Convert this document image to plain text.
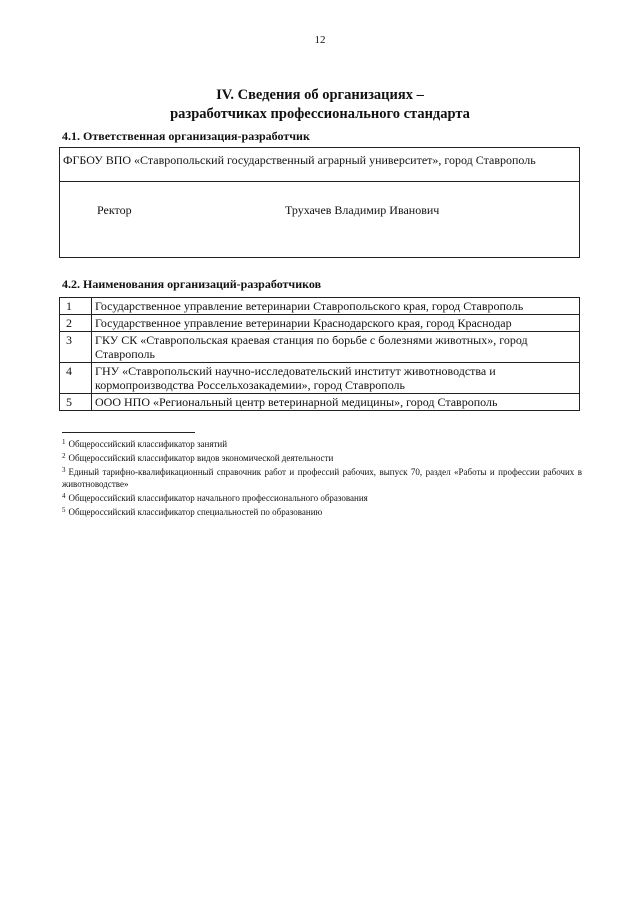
12
IV. Сведения об организациях –
разработчиках профессионального стандарта
4.1. Ответственная организация-разработчик
ФГБОУ ВПО «Ставропольский государственный аграрный университет», город Ставрополь
Ректор	Трухачев Владимир Иванович
4.2. Наименования организаций-разработчиков
1	Государственное управление ветеринарии Ставропольского края, город Ставрополь
2	Государственное управление ветеринарии Краснодарского края, город Краснодар
3	ГКУ СК «Ставропольская краевая станция по борьбе с болезнями животных», город Ставрополь
4	ГНУ «Ставропольский научно-исследовательский институт животноводства и кормопроизводства Россельхозакадемии», город Ставрополь
5	ООО НПО «Региональный центр ветеринарной медицины», город Ставрополь
$^1$ Общероссийский классификатор занятий
$^2$ Общероссийский классификатор видов экономической деятельности
$^3$ Единый тарифно-квалификационный справочник работ и профессий рабочих, выпуск 70, раздел «Работы и профессии рабочих в животноводстве»
$^4$ Общероссийский классификатор начального профессионального образования
$^5$ Общероссийский классификатор специальностей по образованию
